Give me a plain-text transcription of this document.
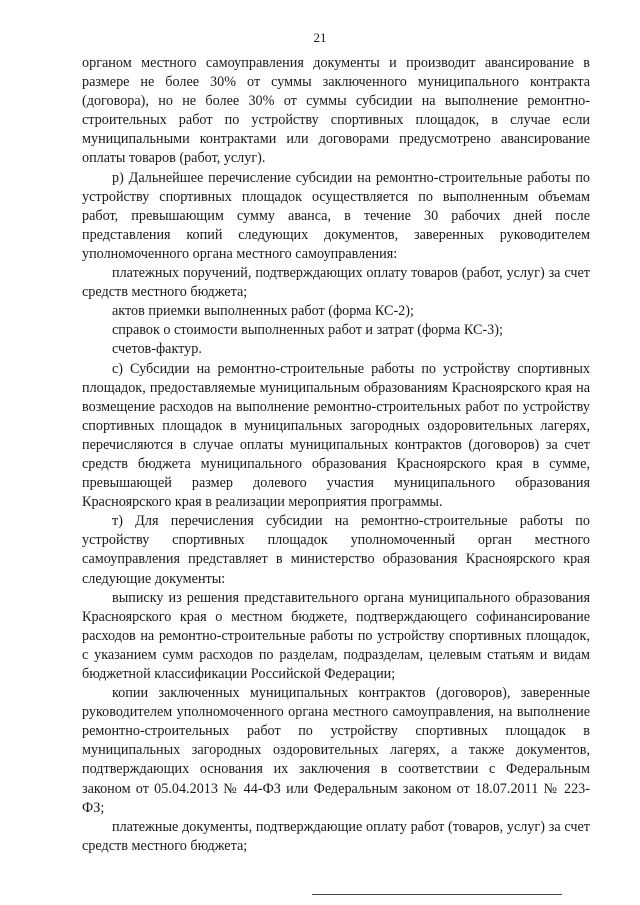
21

органом местного самоуправления документы и производит авансирование в размере не более 30% от суммы заключенного муниципального контракта (договора), но не более 30% от суммы субсидии на выполнение ремонтно-строительных работ по устройству спортивных площадок, в случае если муниципальными контрактами или договорами предусмотрено авансирование оплаты товаров (работ, услуг).

р) Дальнейшее перечисление субсидии на ремонтно-строительные работы по устройству спортивных площадок осуществляется по выполненным объемам работ, превышающим сумму аванса, в течение 30 рабочих дней после представления копий следующих документов, заверенных руководителем уполномоченного органа местного самоуправления:

платежных поручений, подтверждающих оплату товаров (работ, услуг) за счет средств местного бюджета;

актов приемки выполненных работ (форма КС-2);

справок о стоимости выполненных работ и затрат (форма КС-3);

счетов-фактур.

с) Субсидии на ремонтно-строительные работы по устройству спортивных площадок, предоставляемые муниципальным образованиям Красноярского края на возмещение расходов на выполнение ремонтно-строительных работ по устройству спортивных площадок в муниципальных загородных оздоровительных лагерях, перечисляются в случае оплаты муниципальных контрактов (договоров) за счет средств бюджета муниципального образования Красноярского края в сумме, превышающей размер долевого участия муниципального образования Красноярского края в реализации мероприятия программы.

т) Для перечисления субсидии на ремонтно-строительные работы по устройству спортивных площадок уполномоченный орган местного самоуправления представляет в министерство образования Красноярского края следующие документы:

выписку из решения представительного органа муниципального образования Красноярского края о местном бюджете, подтверждающего софинансирование расходов на ремонтно-строительные работы по устройству спортивных площадок, с указанием сумм расходов по разделам, подразделам, целевым статьям и видам бюджетной классификации Российской Федерации;

копии заключенных муниципальных контрактов (договоров), заверенные руководителем уполномоченного органа местного самоуправления, на выполнение ремонтно-строительных работ по устройству спортивных площадок в муниципальных загородных оздоровительных лагерях, а также документов, подтверждающих основания их заключения в соответствии с Федеральным законом от 05.04.2013 № 44-ФЗ или Федеральным законом от 18.07.2011 № 223-ФЗ;

платежные документы, подтверждающие оплату работ (товаров, услуг) за счет средств местного бюджета;
